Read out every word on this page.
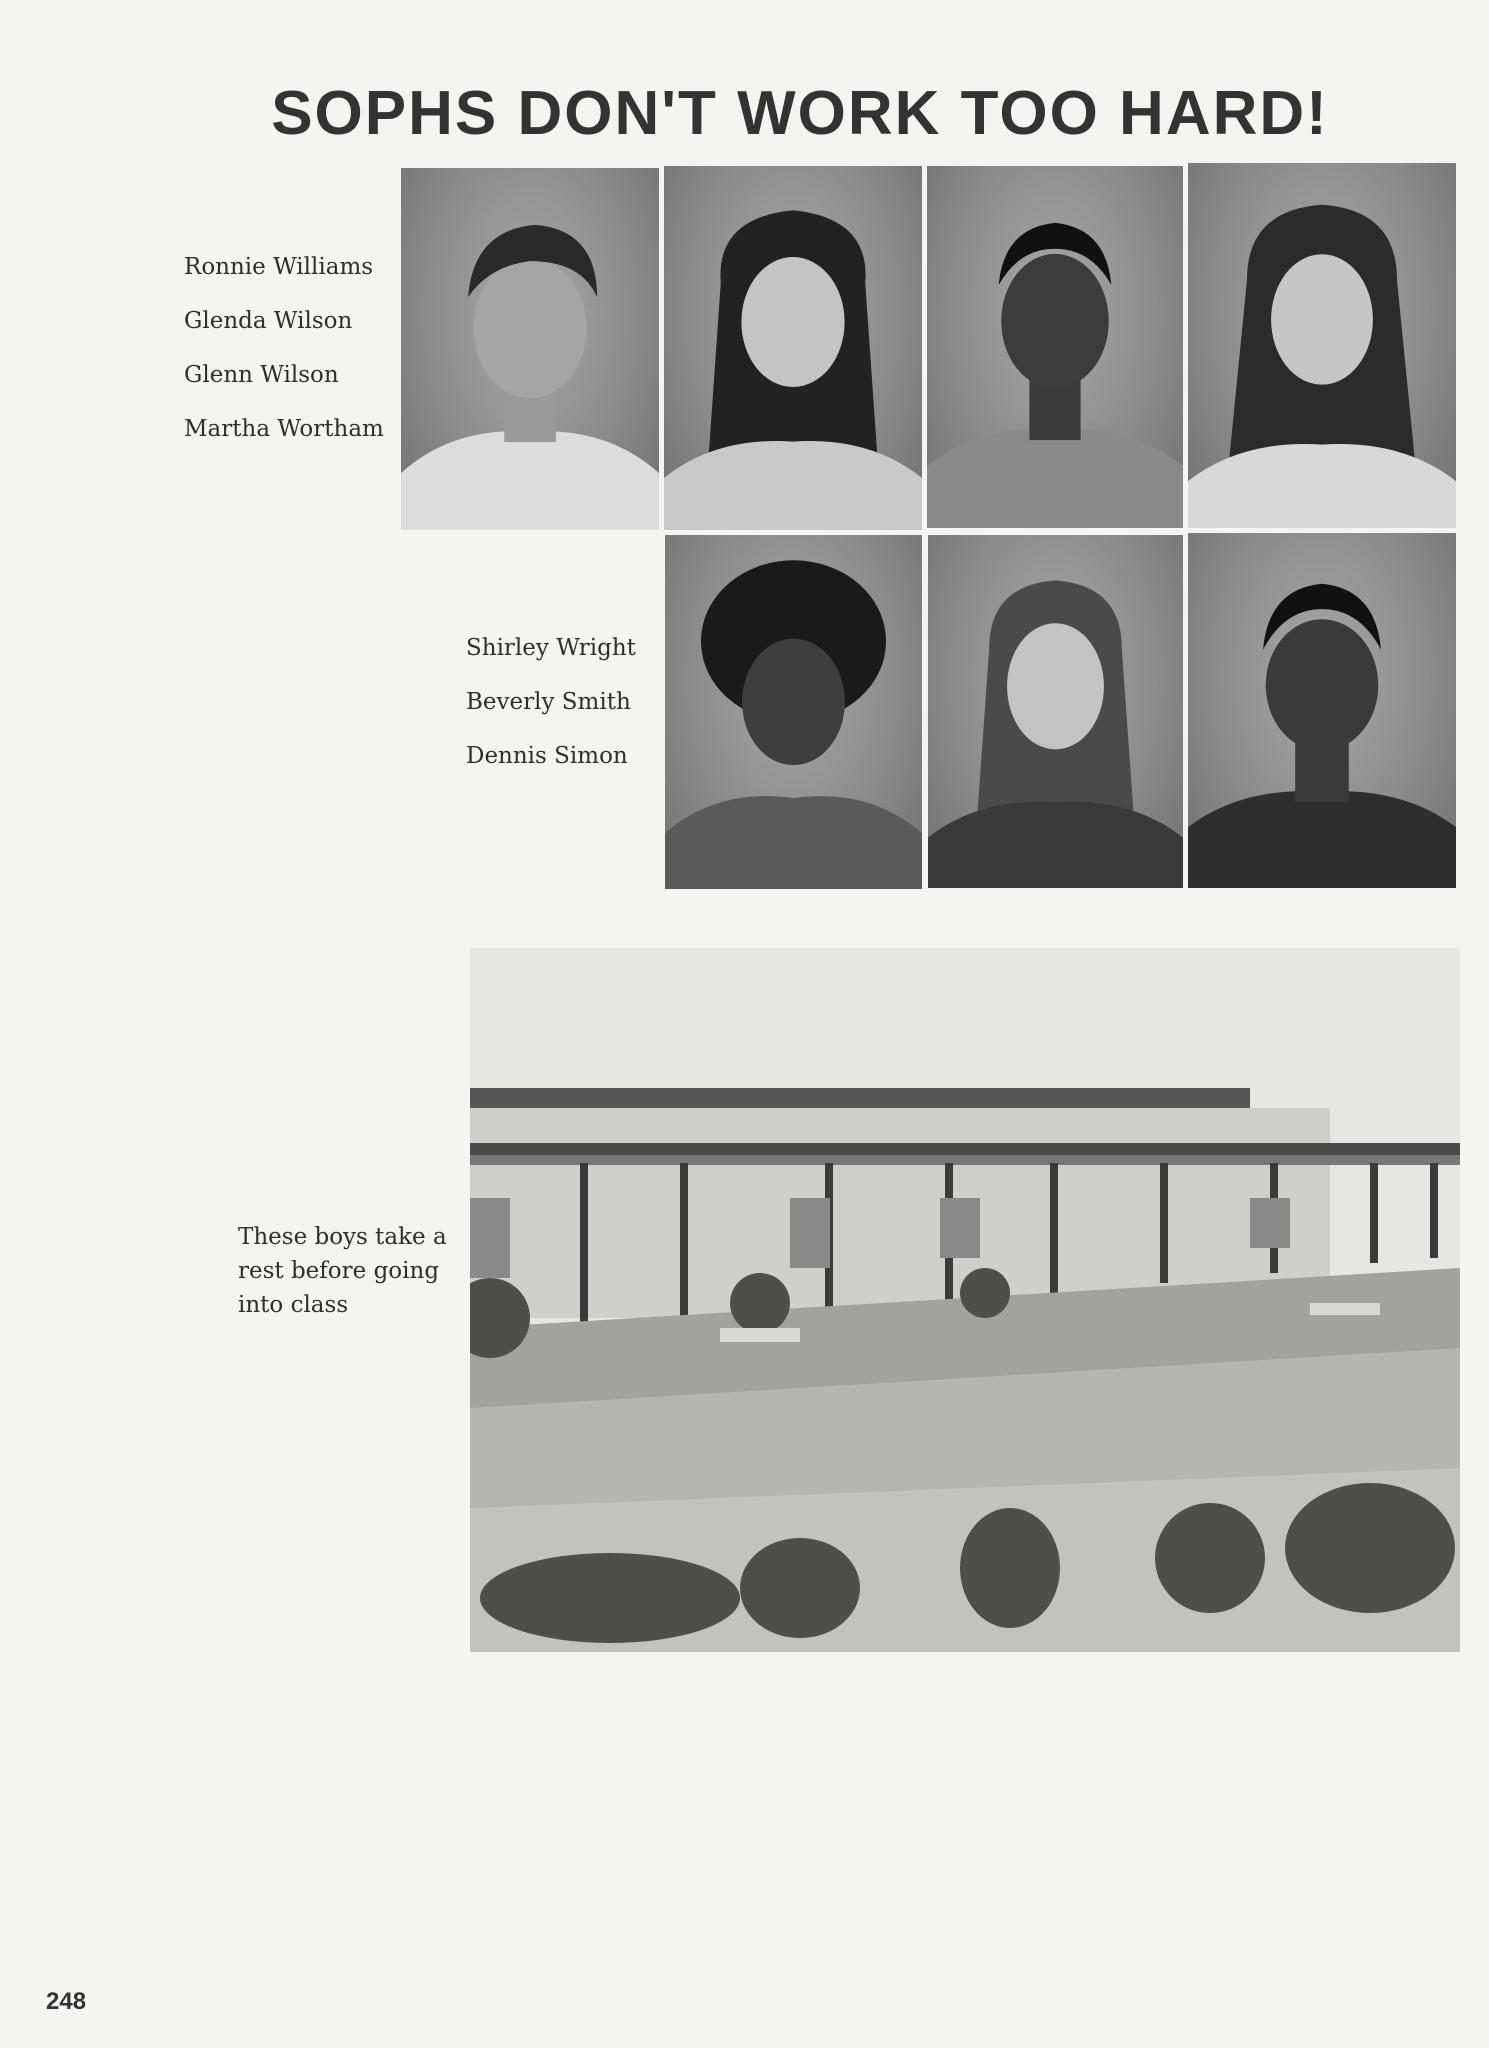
SOPHS DON'T WORK TOO HARD!
Ronnie Williams
Glenda Wilson
Glenn Wilson
Martha Wortham
Shirley Wright
Beverly Smith
Dennis Simon
These boys take a
rest before going
into class
248
